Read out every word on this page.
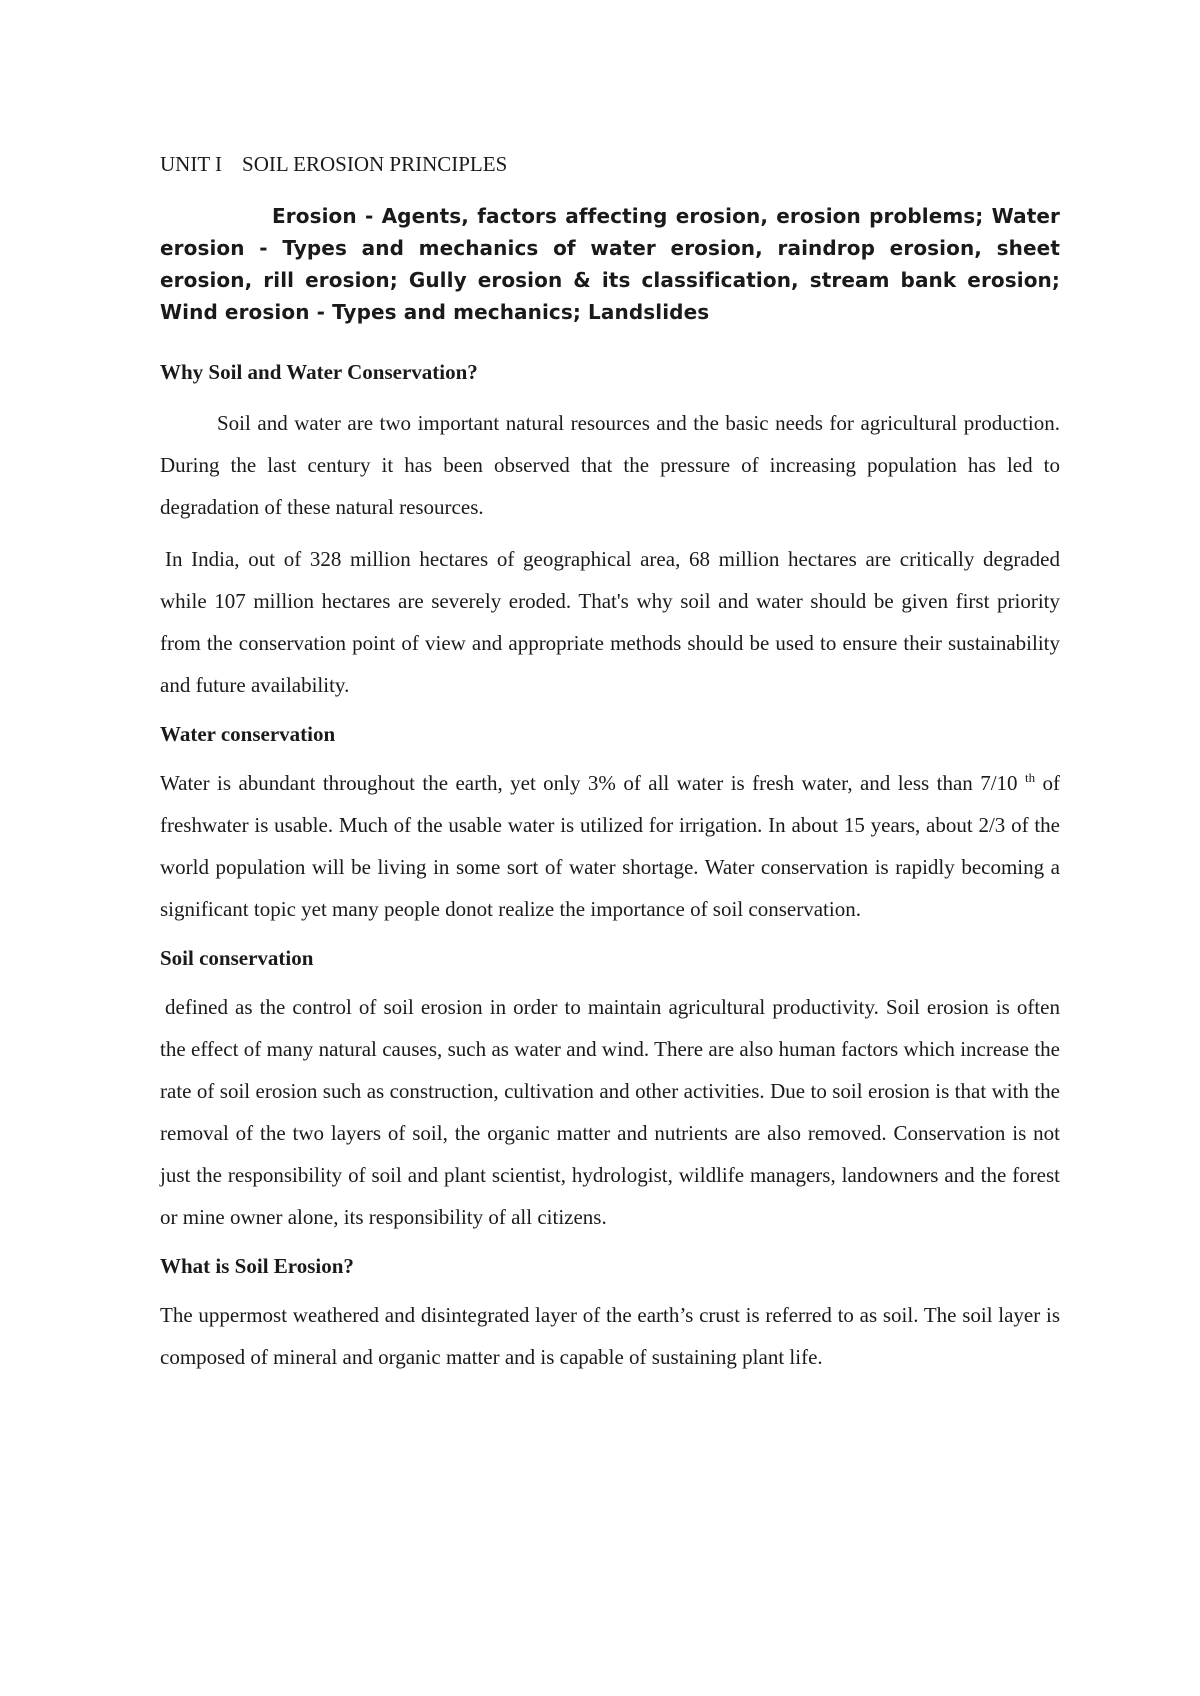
UNIT I SOIL EROSION PRINCIPLES

Erosion - Agents, factors affecting erosion, erosion problems; Water erosion - Types and mechanics of water erosion, raindrop erosion, sheet erosion, rill erosion; Gully erosion & its classification, stream bank erosion; Wind erosion - Types and mechanics; Landslides

Why Soil and Water Conservation?

Soil and water are two important natural resources and the basic needs for agricultural production. During the last century it has been observed that the pressure of increasing population has led to degradation of these natural resources.

In India, out of 328 million hectares of geographical area, 68 million hectares are critically degraded while 107 million hectares are severely eroded. That's why soil and water should be given first priority from the conservation point of view and appropriate methods should be used to ensure their sustainability and future availability.

Water conservation

Water is abundant throughout the earth, yet only 3% of all water is fresh water, and less than 7/10 $^{th}$ of freshwater is usable. Much of the usable water is utilized for irrigation. In about 15 years, about 2/3 of the world population will be living in some sort of water shortage. Water conservation is rapidly becoming a significant topic yet many people donot realize the importance of soil conservation.

Soil conservation

defined as the control of soil erosion in order to maintain agricultural productivity. Soil erosion is often the effect of many natural causes, such as water and wind. There are also human factors which increase the rate of soil erosion such as construction, cultivation and other activities. Due to soil erosion is that with the removal of the two layers of soil, the organic matter and nutrients are also removed. Conservation is not just the responsibility of soil and plant scientist, hydrologist, wildlife managers, landowners and the forest or mine owner alone, its responsibility of all citizens.

What is Soil Erosion?

The uppermost weathered and disintegrated layer of the earth’s crust is referred to as soil. The soil layer is composed of mineral and organic matter and is capable of sustaining plant life.
